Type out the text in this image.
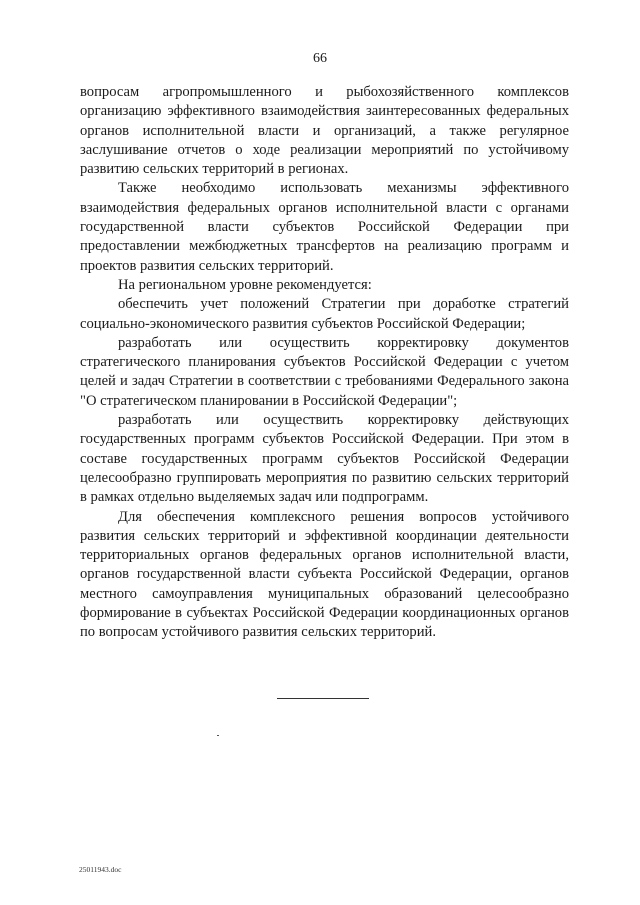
66

вопросам агропромышленного и рыбохозяйственного комплексов организацию эффективного взаимодействия заинтересованных федеральных органов исполнительной власти и организаций, а также регулярное заслушивание отчетов о ходе реализации мероприятий по устойчивому развитию сельских территорий в регионах.

Также необходимо использовать механизмы эффективного взаимодействия федеральных органов исполнительной власти с органами государственной власти субъектов Российской Федерации при предоставлении межбюджетных трансфертов на реализацию программ и проектов развития сельских территорий.

На региональном уровне рекомендуется:

обеспечить учет положений Стратегии при доработке стратегий социально-экономического развития субъектов Российской Федерации;

разработать или осуществить корректировку документов стратегического планирования субъектов Российской Федерации с учетом целей и задач Стратегии в соответствии с требованиями Федерального закона "О стратегическом планировании в Российской Федерации";

разработать или осуществить корректировку действующих государственных программ субъектов Российской Федерации. При этом в составе государственных программ субъектов Российской Федерации целесообразно группировать мероприятия по развитию сельских территорий в рамках отдельно выделяемых задач или подпрограмм.

Для обеспечения комплексного решения вопросов устойчивого развития сельских территорий и эффективной координации деятельности территориальных органов федеральных органов исполнительной власти, органов государственной власти субъекта Российской Федерации, органов местного самоуправления муниципальных образований целесообразно формирование в субъектах Российской Федерации координационных органов по вопросам устойчивого развития сельских территорий.

25011943.doc
